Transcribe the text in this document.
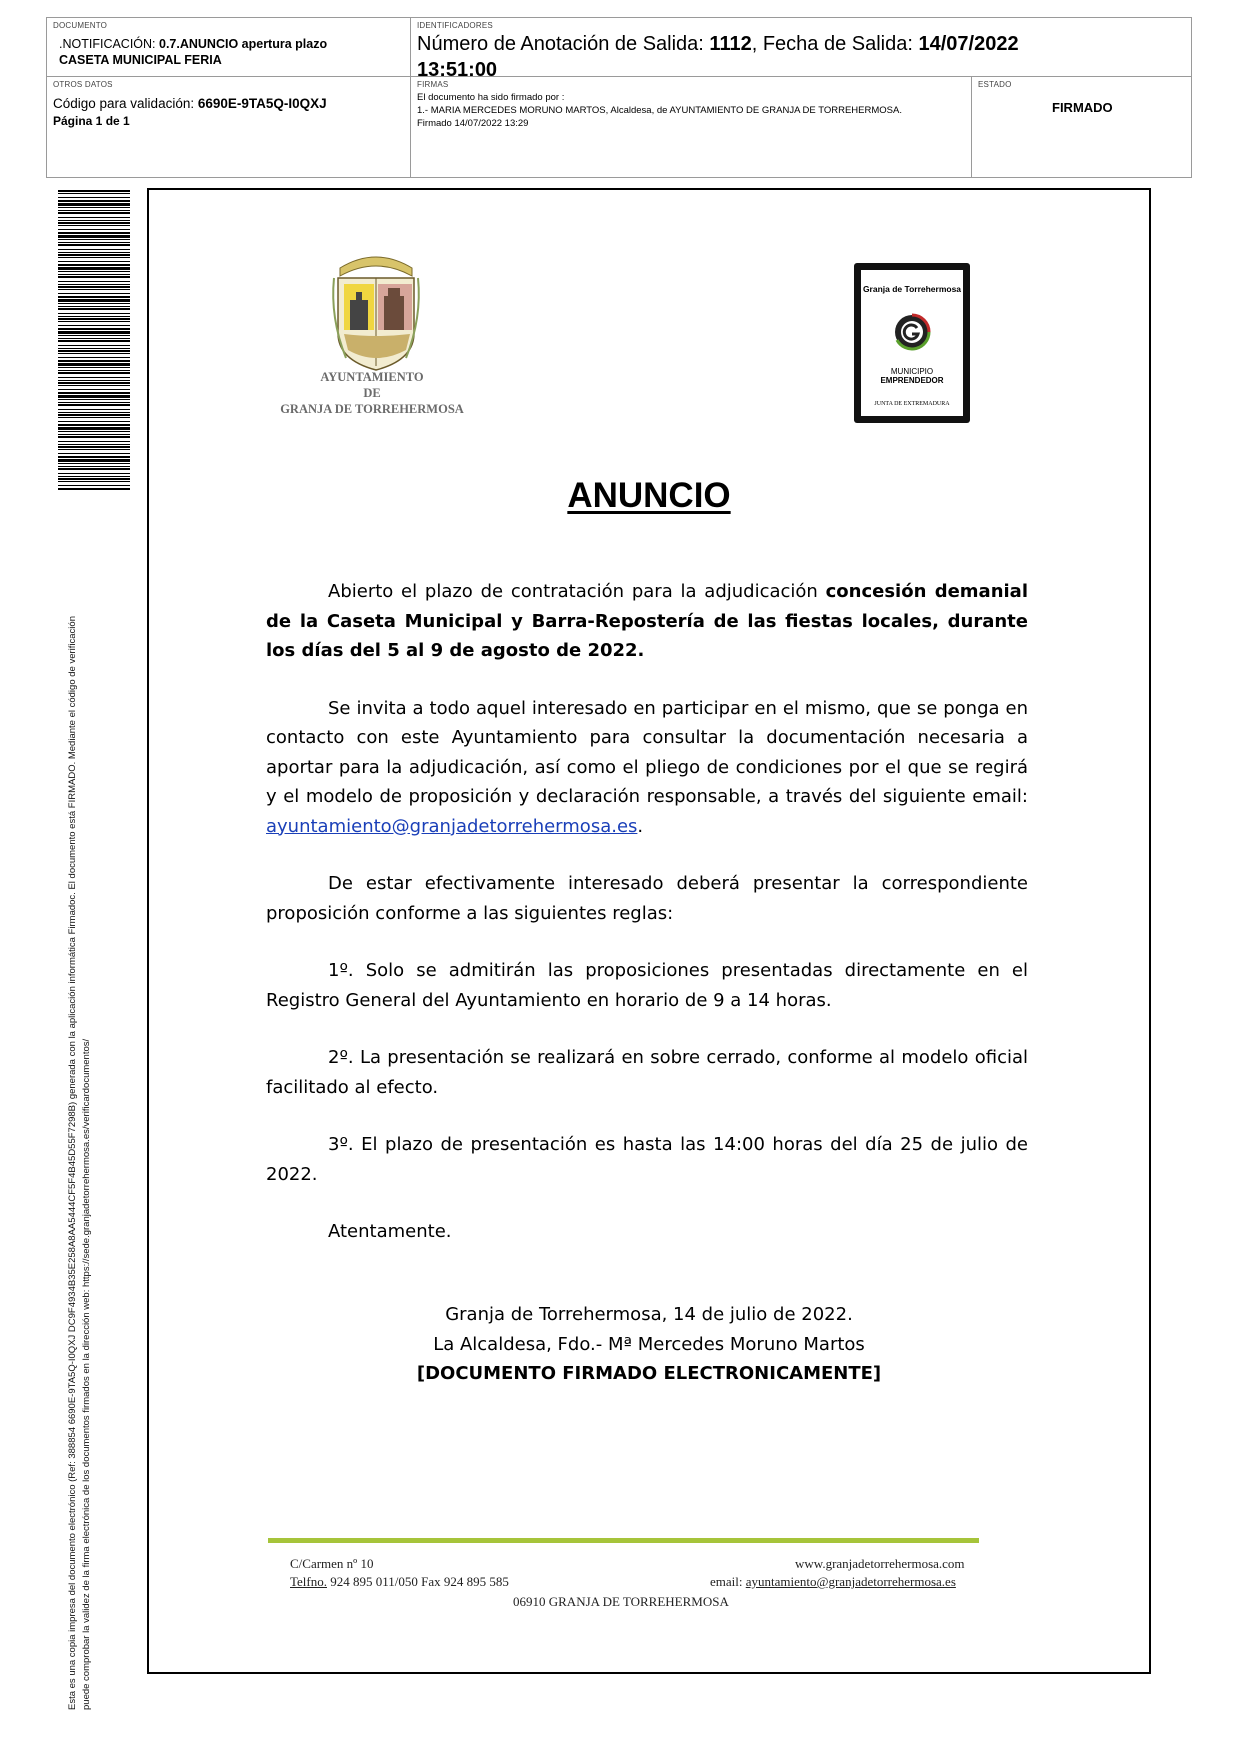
DOCUMENTO
.NOTIFICACIÓN: 0.7.ANUNCIO apertura plazo
CASETA MUNICIPAL FERIA
IDENTIFICADORES
Número de Anotación de Salida: 1112, Fecha de Salida: 14/07/2022
13:51:00
OTROS DATOS
Código para validación: 6690E-9TA5Q-I0QXJ
Página 1 de 1
FIRMAS
El documento ha sido firmado por :
1.- MARIA MERCEDES MORUNO MARTOS, Alcaldesa, de AYUNTAMIENTO DE GRANJA DE TORREHERMOSA.
Firmado 14/07/2022 13:29
ESTADO
FIRMADO
Esta es una copia impresa del documento electrónico (Ref: 388854 6690E-9TA5Q-I0QXJ DC9F4934B35E258A8AA5444CF5F4B45D55F7298B) generada con la aplicación informática Firmadoc. El documento está FIRMADO. Mediante el código de verificación puede comprobar la validez de la firma electrónica de los documentos firmados en la dirección web: https://sede.granjadetorrehermosa.es/verificardocumentos/
AYUNTAMIENTO
DE
GRANJA DE TORREHERMOSA
Granja de Torrehermosa
MUNICIPIO
EMPRENDEDOR
JUNTA DE EXTREMADURA
ANUNCIO

Abierto el plazo de contratación para la adjudicación concesión demanial de la Caseta Municipal y Barra-Repostería de las fiestas locales, durante los días del 5 al 9 de agosto de 2022.

Se invita a todo aquel interesado en participar en el mismo, que se ponga en contacto con este Ayuntamiento para consultar la documentación necesaria a aportar para la adjudicación, así como el pliego de condiciones por el que se regirá y el modelo de proposición y declaración responsable, a través del siguiente email: ayuntamiento@granjadetorrehermosa.es.

De estar efectivamente interesado deberá presentar la correspondiente proposición conforme a las siguientes reglas:

1º. Solo se admitirán las proposiciones presentadas directamente en el Registro General del Ayuntamiento en horario de 9 a 14 horas.

2º. La presentación se realizará en sobre cerrado, conforme al modelo oficial facilitado al efecto.

3º. El plazo de presentación es hasta las 14:00 horas del día 25 de julio de 2022.

Atentamente.

Granja de Torrehermosa, 14 de julio de 2022.
La Alcaldesa, Fdo.- Mª Mercedes Moruno Martos
[DOCUMENTO FIRMADO ELECTRONICAMENTE]
C/Carmen nº 10
Telfno. 924 895 011/050 Fax 924 895 585
06910 GRANJA DE TORREHERMOSA
www.granjadetorrehermosa.com
email: ayuntamiento@granjadetorrehermosa.es
